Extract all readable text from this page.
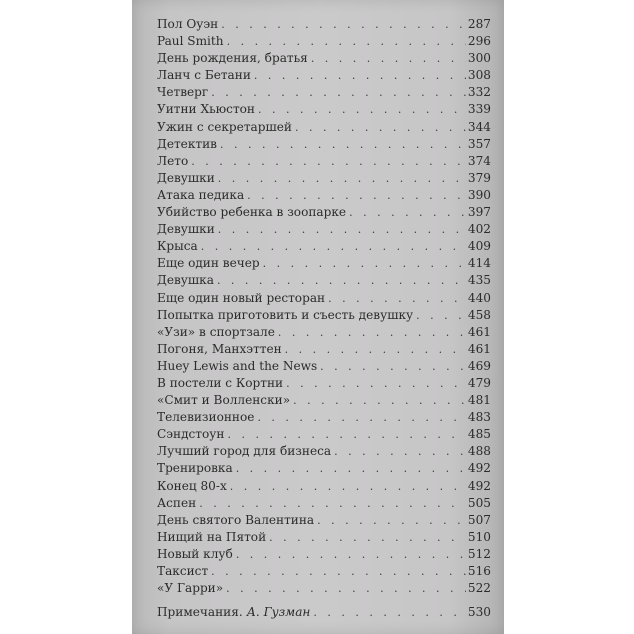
Пол Оуэн . . .	287
Paul Smith . . .	296
День рождения, братья . . .	300
Ланч с Бетани . . .	308
Четверг . . .	332
Уитни Хьюстон . . .	339
Ужин с секретаршей . . .	344
Детектив . . .	357
Лето . . .	374
Девушки . . .	379
Атака педика . . .	390
Убийство ребенка в зоопарке . . .	397
Девушки . . .	402
Крыса . . .	409
Еще один вечер . . .	414
Девушка . . .	435
Еще один новый ресторан . . .	440
Попытка приготовить и съесть девушку . . .	458
«Узи» в спортзале . . .	461
Погоня, Манхэттен . . .	461
Huey Lewis and the News . . .	469
В постели с Кортни . . .	479
«Смит и Волленски» . . .	481
Телевизионное . . .	483
Сэндстоун . . .	485
Лучший город для бизнеса . . .	488
Тренировка . . .	492
Конец 80-х . . .	492
Аспен . . .	505
День святого Валентина . . .	507
Нищий на Пятой . . .	510
Новый клуб . . .	512
Таксист . . .	516
«У Гарри» . . .	522
Примечания. А. Гузман . . .	530
